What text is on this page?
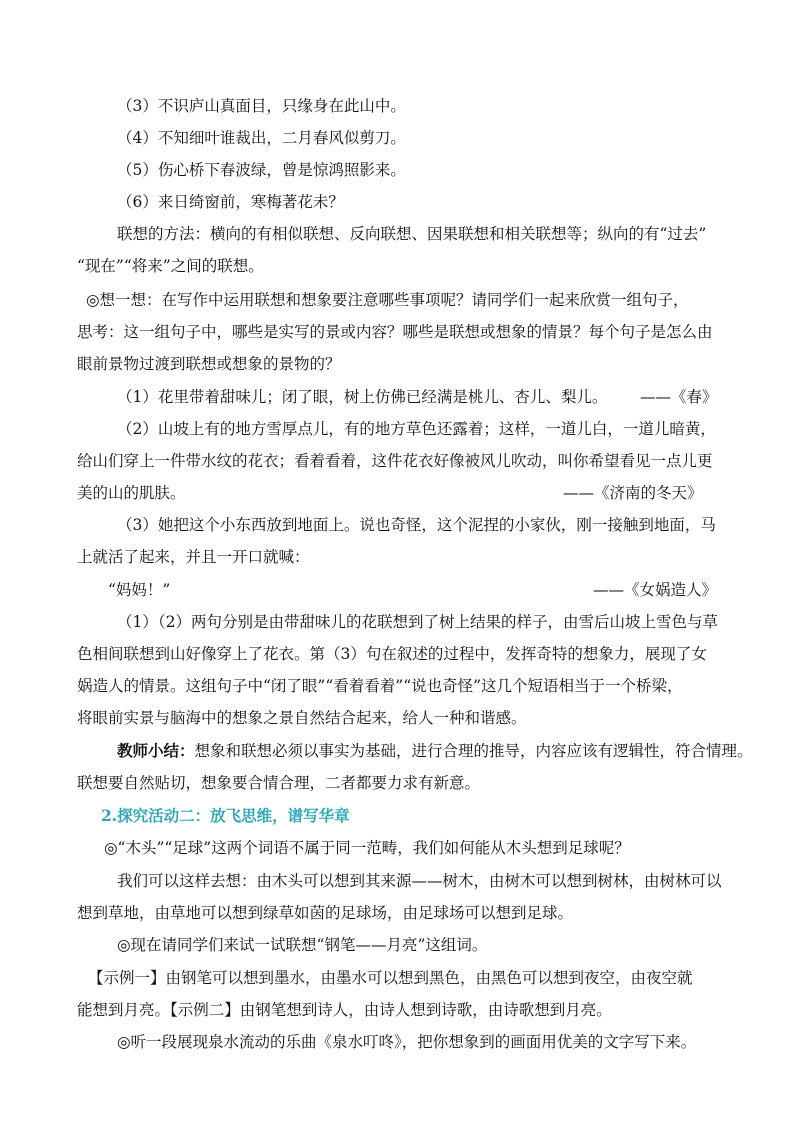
（3）不识庐山真面目，只缘身在此山中。
（4）不知细叶谁裁出，二月春风似剪刀。
（5）伤心桥下春波绿，曾是惊鸿照影来。
（6）来日绮窗前，寒梅著花未？
联想的方法：横向的有相似联想、反向联想、因果联想和相关联想等；纵向的有“过去”
“现在”“将来”之间的联想。
◎想一想：在写作中运用联想和想象要注意哪些事项呢？请同学们一起来欣赏一组句子，
思考：这一组句子中，哪些是实写的景或内容？哪些是联想或想象的情景？每个句子是怎么由
眼前景物过渡到联想或想象的景物的？
（1）花里带着甜味儿；闭了眼，树上仿佛已经满是桃儿、杏儿、梨儿。 ——《春》
（2）山坡上有的地方雪厚点儿，有的地方草色还露着；这样，一道儿白，一道儿暗黄，
给山们穿上一件带水纹的花衣；看着看着，这件花衣好像被风儿吹动，叫你希望看见一点儿更
美的山的肌肤。	——《济南的冬天》
（3）她把这个小东西放到地面上。说也奇怪，这个泥捏的小家伙，刚一接触到地面，马
上就活了起来，并且一开口就喊：
“妈妈！”	——《女娲造人》
（1）（2）两句分别是由带甜味儿的花联想到了树上结果的样子，由雪后山坡上雪色与草
色相间联想到山好像穿上了花衣。第（3）句在叙述的过程中，发挥奇特的想象力，展现了女
娲造人的情景。这组句子中“闭了眼”“看着看着”“说也奇怪”这几个短语相当于一个桥梁，
将眼前实景与脑海中的想象之景自然结合起来，给人一种和谐感。
教师小结：想象和联想必须以事实为基础，进行合理的推导，内容应该有逻辑性，符合情理。
联想要自然贴切，想象要合情合理，二者都要力求有新意。
2.探究活动二：放飞思维，谱写华章
◎“木头”“足球”这两个词语不属于同一范畴，我们如何能从木头想到足球呢？
我们可以这样去想：由木头可以想到其来源——树木，由树木可以想到树林，由树林可以
想到草地，由草地可以想到绿草如茵的足球场，由足球场可以想到足球。
◎现在请同学们来试一试联想“钢笔——月亮”这组词。
【示例一】由钢笔可以想到墨水，由墨水可以想到黑色，由黑色可以想到夜空，由夜空就
能想到月亮。【示例二】由钢笔想到诗人，由诗人想到诗歌，由诗歌想到月亮。
◎听一段展现泉水流动的乐曲《泉水叮咚》，把你想象到的画面用优美的文字写下来。
